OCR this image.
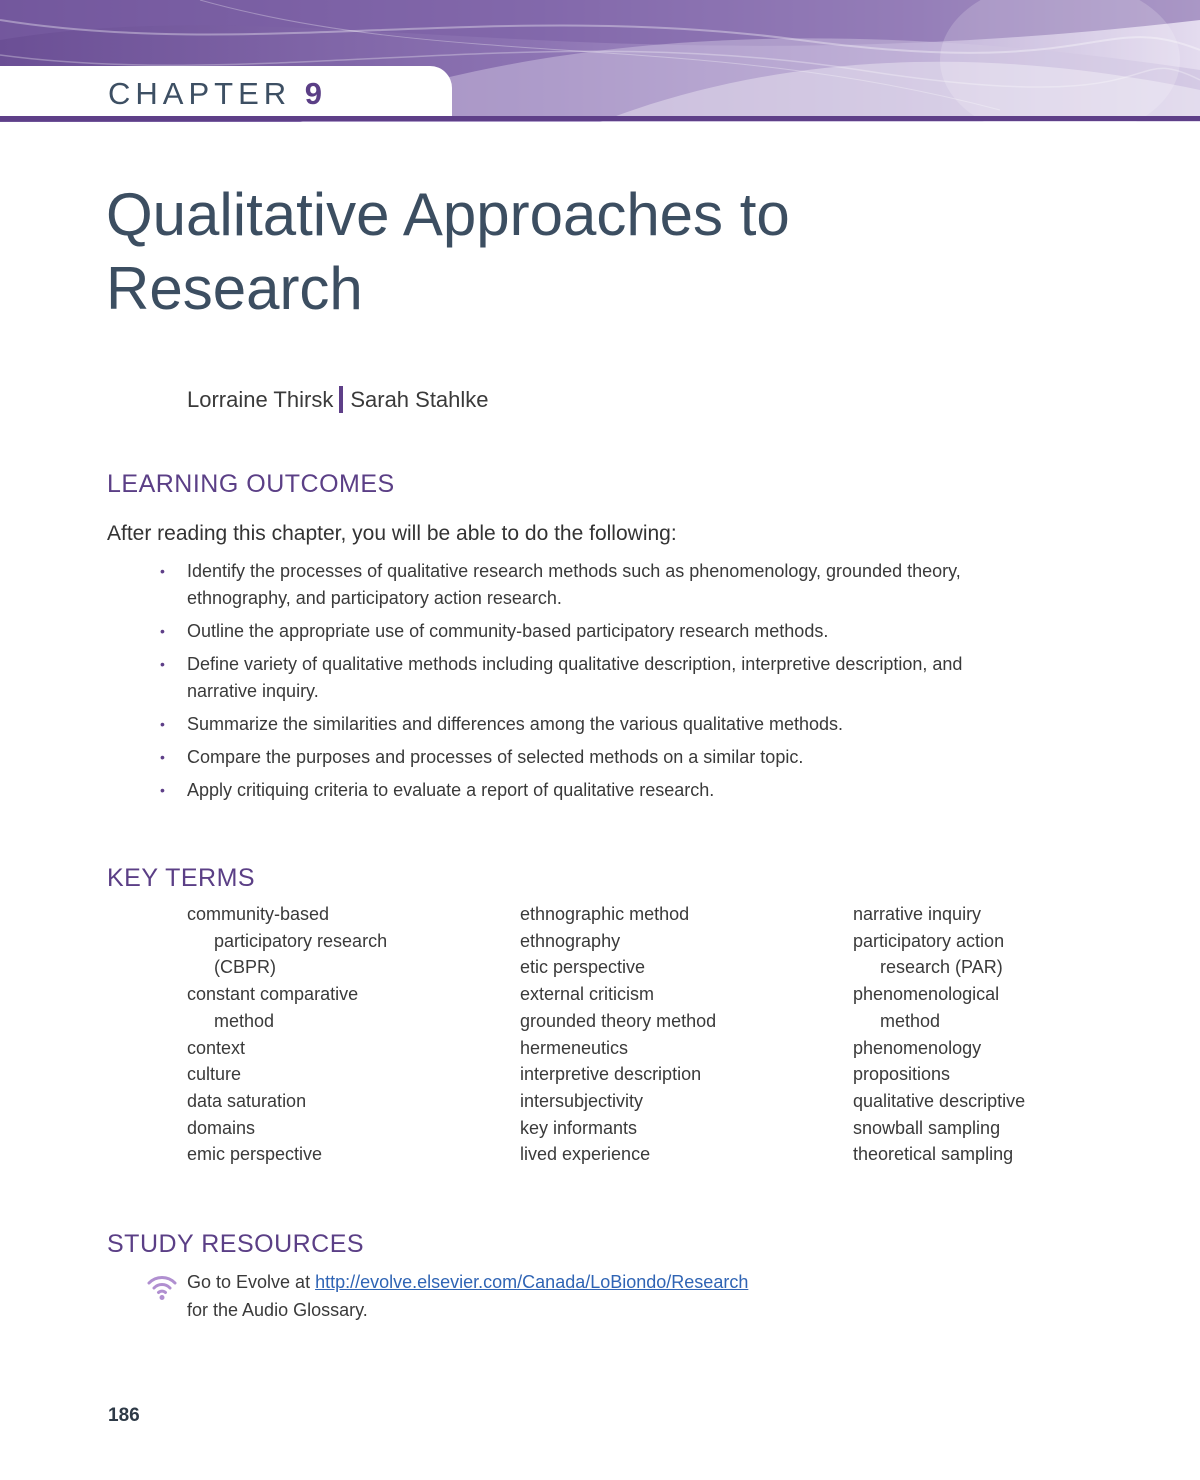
CHAPTER 9
Qualitative Approaches to
Research
Lorraine Thirsk Sarah Stahlke
LEARNING OUTCOMES
After reading this chapter, you will be able to do the following:
• Identify the processes of qualitative research methods such as phenomenology, grounded theory,
ethnography, and participatory action research.
• Outline the appropriate use of community-based participatory research methods.
• Define variety of qualitative methods including qualitative description, interpretive description, and
narrative inquiry.
• Summarize the similarities and differences among the various qualitative methods.
• Compare the purposes and processes of selected methods on a similar topic.
• Apply critiquing criteria to evaluate a report of qualitative research.
KEY TERMS
community-based
participatory research
(CBPR)
constant comparative
method
context
culture
data saturation
domains
emic perspective
ethnographic method
ethnography
etic perspective
external criticism
grounded theory method
hermeneutics
interpretive description
intersubjectivity
key informants
lived experience
narrative inquiry
participatory action
research (PAR)
phenomenological
method
phenomenology
propositions
qualitative descriptive
snowball sampling
theoretical sampling
STUDY RESOURCES
Go to Evolve at http://evolve.elsevier.com/Canada/LoBiondo/Research
for the Audio Glossary.
186
